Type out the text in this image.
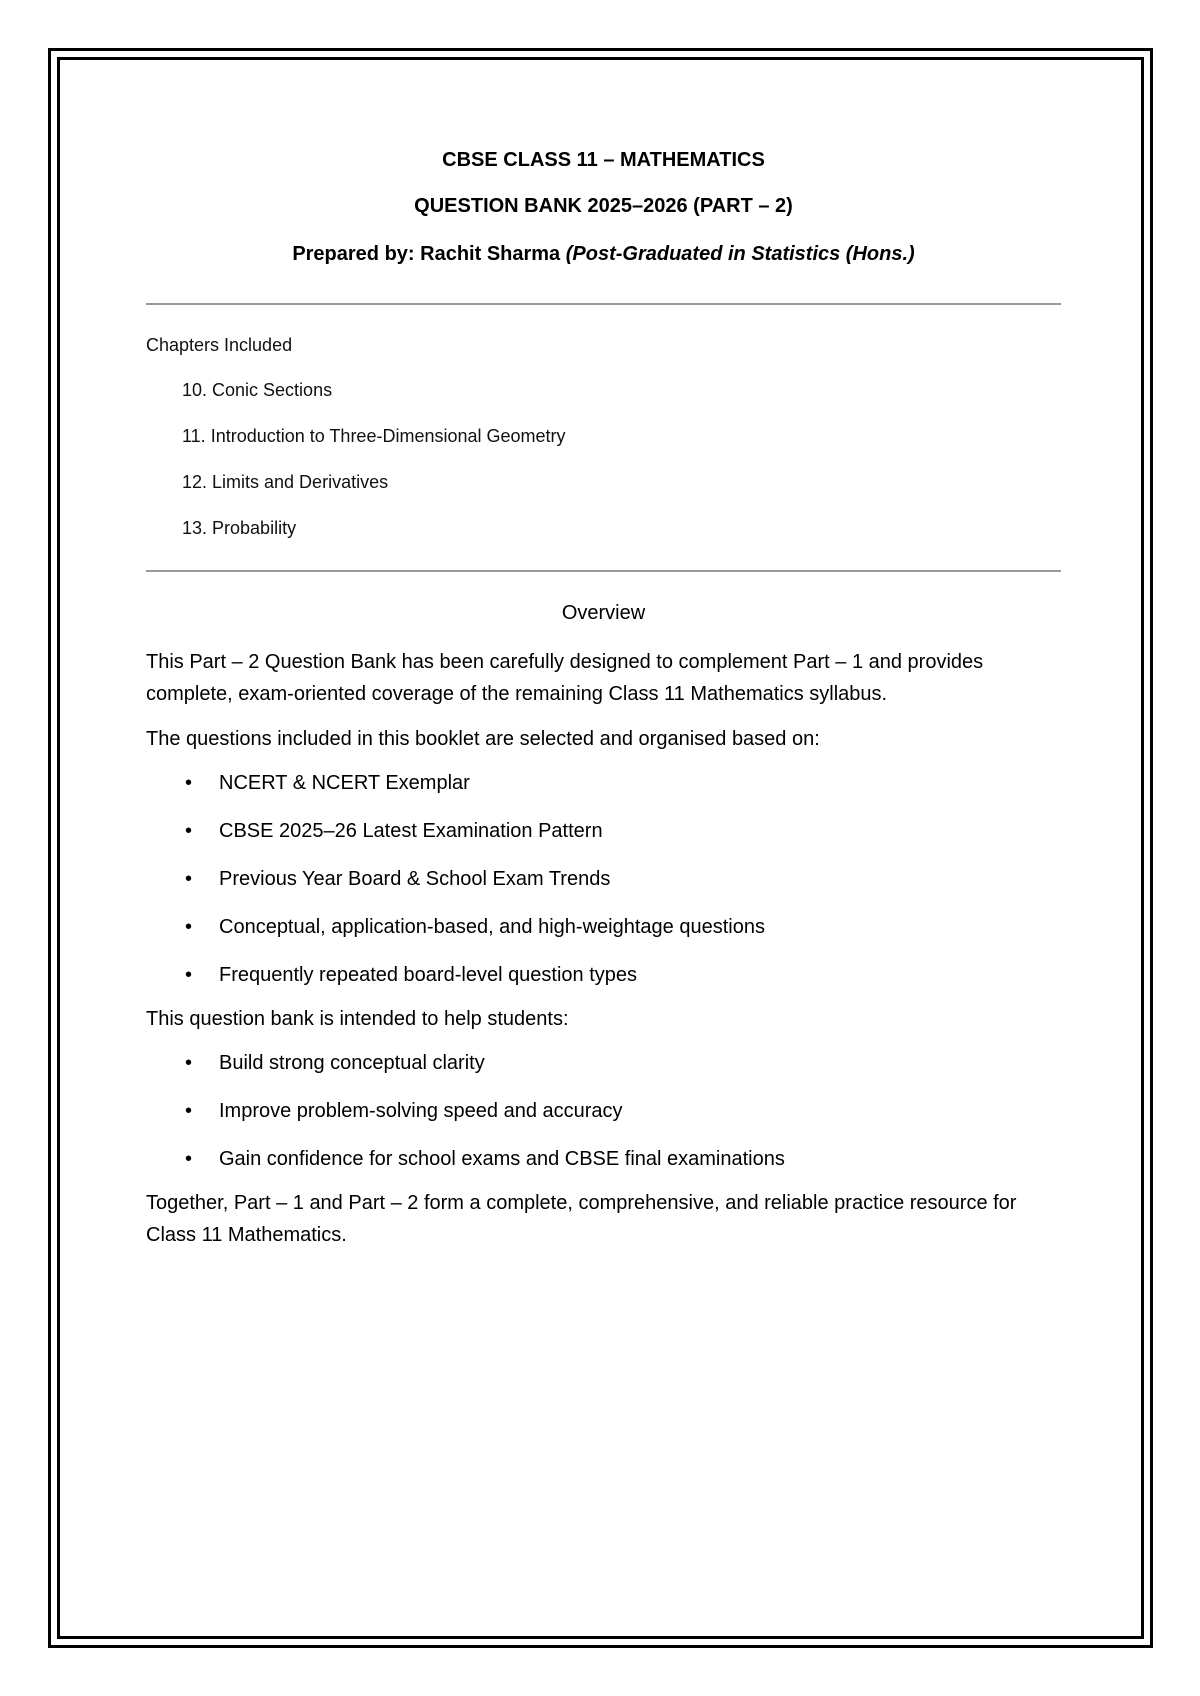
CBSE CLASS 11 – MATHEMATICS

QUESTION BANK 2025–2026 (PART – 2)

Prepared by: Rachit Sharma (Post-Graduated in Statistics (Hons.)

Chapters Included
10. Conic Sections
11. Introduction to Three-Dimensional Geometry
12. Limits and Derivatives
13. Probability
Overview

This Part – 2 Question Bank has been carefully designed to complement Part – 1 and provides complete, exam-oriented coverage of the remaining Class 11 Mathematics syllabus.

The questions included in this booklet are selected and organised based on:

• NCERT & NCERT Exemplar
• CBSE 2025–26 Latest Examination Pattern
• Previous Year Board & School Exam Trends
• Conceptual, application-based, and high-weightage questions
• Frequently repeated board-level question types

This question bank is intended to help students:

• Build strong conceptual clarity
• Improve problem-solving speed and accuracy
• Gain confidence for school exams and CBSE final examinations

Together, Part – 1 and Part – 2 form a complete, comprehensive, and reliable practice resource for Class 11 Mathematics.
